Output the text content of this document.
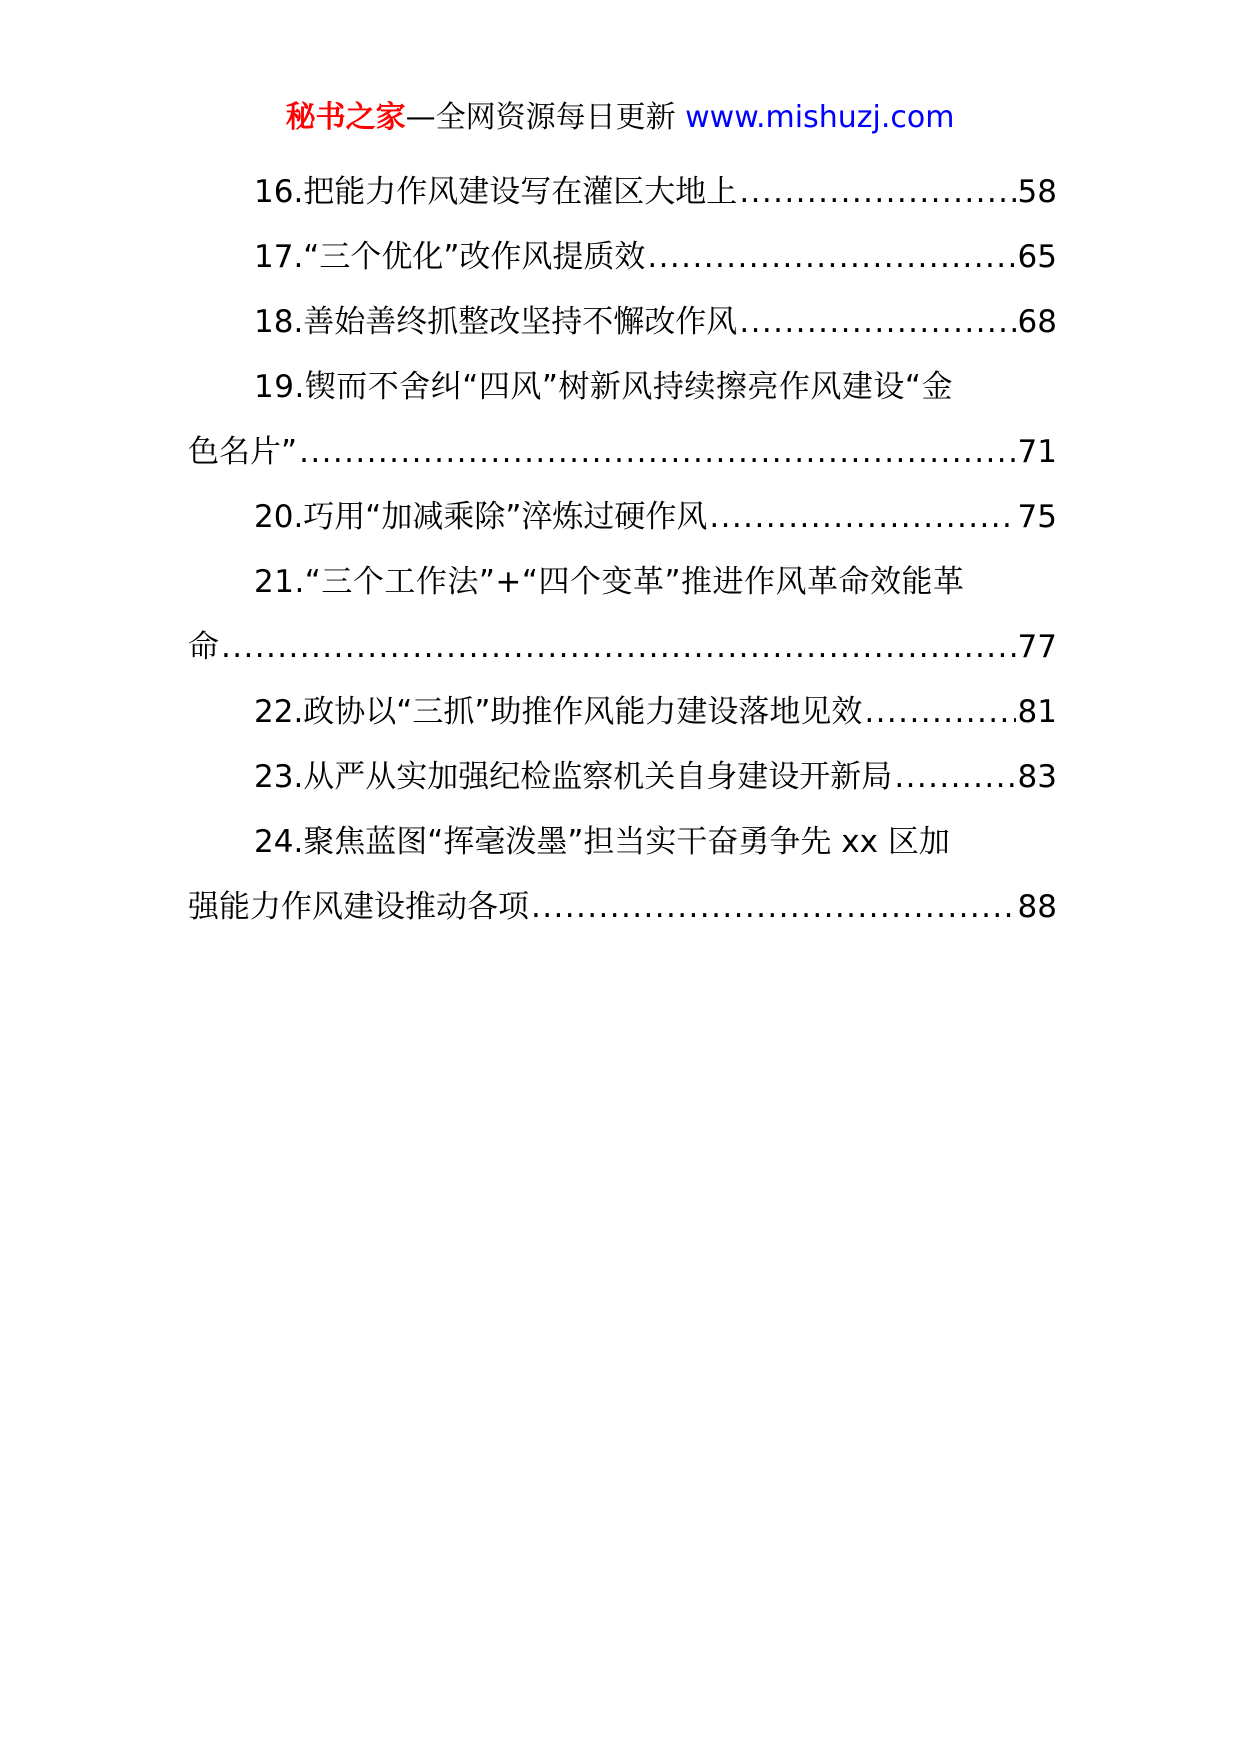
秘书之家—全网资源每日更新 www.mishuzj.com
16.把能力作风建设写在灌区大地上 .....	58
17.“三个优化”改作风提质效 .....	65
18.善始善终抓整改坚持不懈改作风 .....	68
19.锲而不舍纠“四风”树新风持续擦亮作风建设“金
色名片” .....	71
20.巧用“加减乘除”淬炼过硬作风 .....	75
21.“三个工作法”+“四个变革”推进作风革命效能革
命 .....	77
22.政协以“三抓”助推作风能力建设落地见效 .....	81
23.从严从实加强纪检监察机关自身建设开新局 .....	83
24.聚焦蓝图“挥毫泼墨”担当实干奋勇争先 xx 区加
强能力作风建设推动各项 .....	88
